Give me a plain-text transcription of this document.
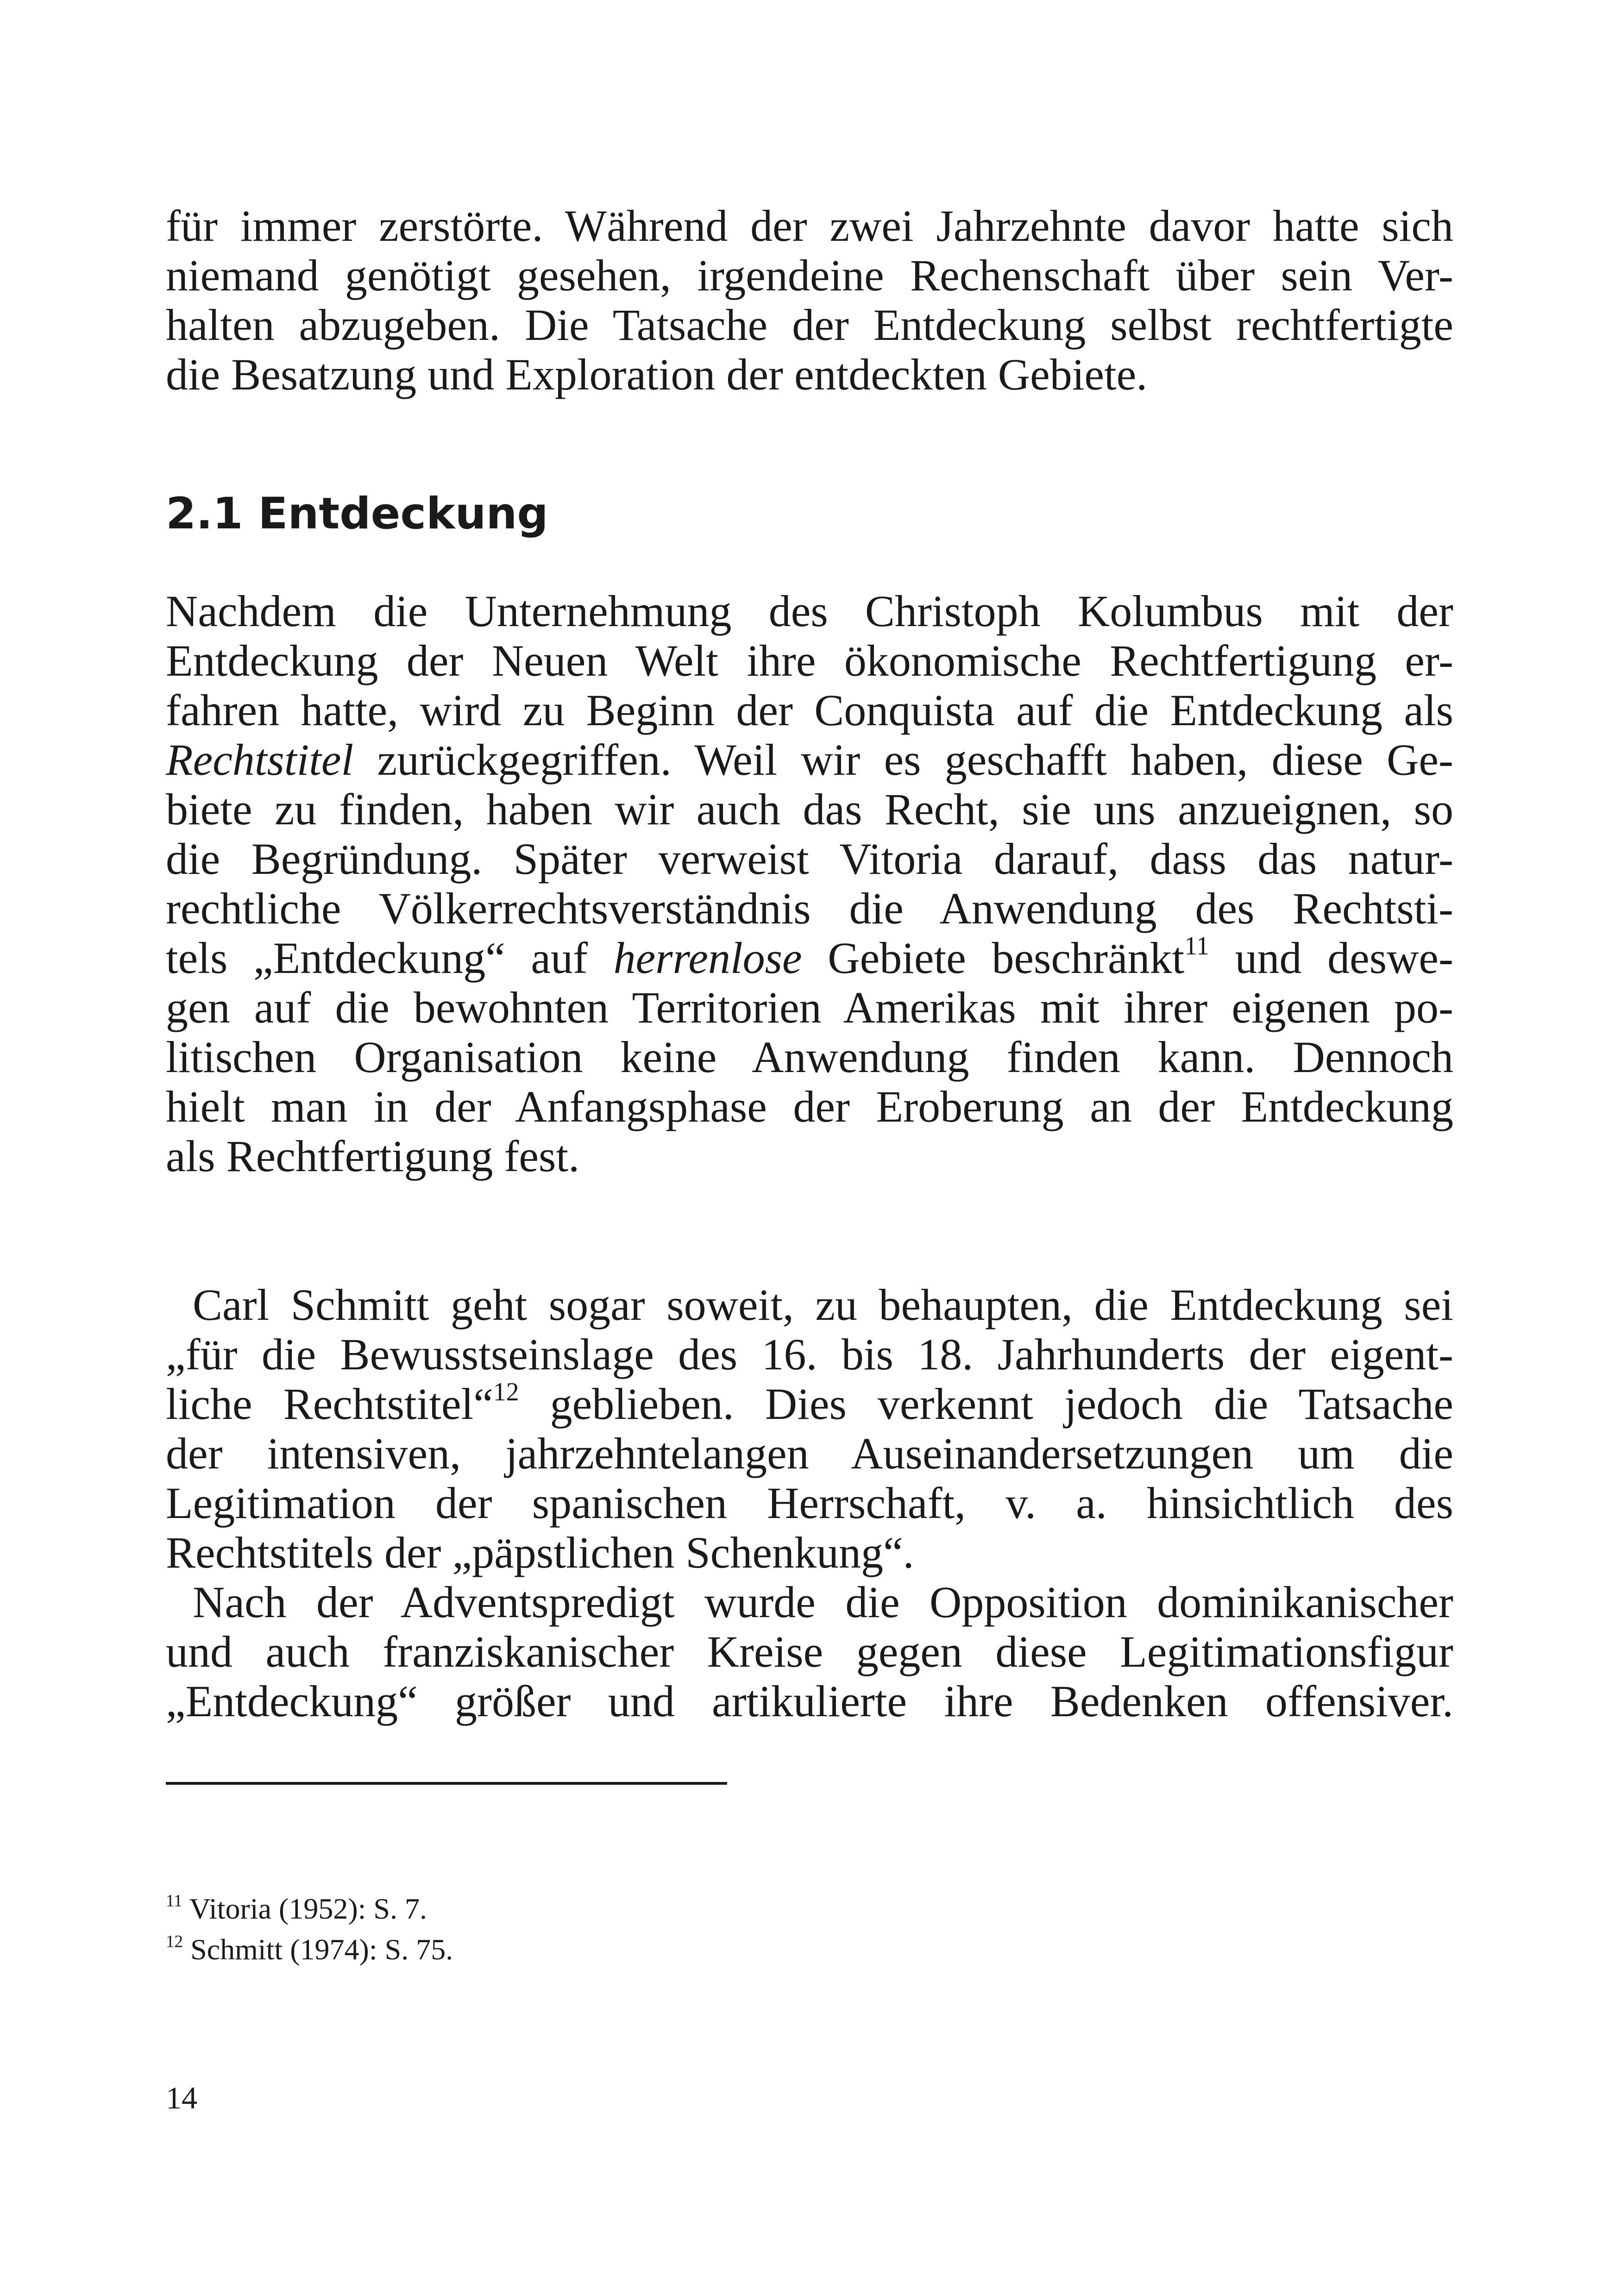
für immer zerstörte. Während der zwei Jahrzehnte davor hatte sich
niemand genötigt gesehen, irgendeine Rechenschaft über sein Ver-
halten abzugeben. Die Tatsache der Entdeckung selbst rechtfertigte
die Besatzung und Exploration der entdeckten Gebiete.
2.1 Entdeckung
Nachdem die Unternehmung des Christoph Kolumbus mit der
Entdeckung der Neuen Welt ihre ökonomische Rechtfertigung er-
fahren hatte, wird zu Beginn der Conquista auf die Entdeckung als
Rechtstitel zurückgegriffen. Weil wir es geschafft haben, diese Ge-
biete zu finden, haben wir auch das Recht, sie uns anzueignen, so
die Begründung. Später verweist Vitoria darauf, dass das natur-
rechtliche Völkerrechtsverständnis die Anwendung des Rechtsti-
tels „Entdeckung“ auf herrenlose Gebiete beschränkt$^{11}$ und deswe-
gen auf die bewohnten Territorien Amerikas mit ihrer eigenen po-
litischen Organisation keine Anwendung finden kann. Dennoch
hielt man in der Anfangsphase der Eroberung an der Entdeckung
als Rechtfertigung fest.
Carl Schmitt geht sogar soweit, zu behaupten, die Entdeckung sei
„für die Bewusstseinslage des 16. bis 18. Jahrhunderts der eigent-
liche Rechtstitel“$^{12}$ geblieben. Dies verkennt jedoch die Tatsache
der intensiven, jahrzehntelangen Auseinandersetzungen um die
Legitimation der spanischen Herrschaft, v. a. hinsichtlich des
Rechtstitels der „päpstlichen Schenkung“.
Nach der Adventspredigt wurde die Opposition dominikanischer
und auch franziskanischer Kreise gegen diese Legitimationsfigur
„Entdeckung“ größer und artikulierte ihre Bedenken offensiver.
$^{11}$ Vitoria (1952): S. 7.
$^{12}$ Schmitt (1974): S. 75.
14
